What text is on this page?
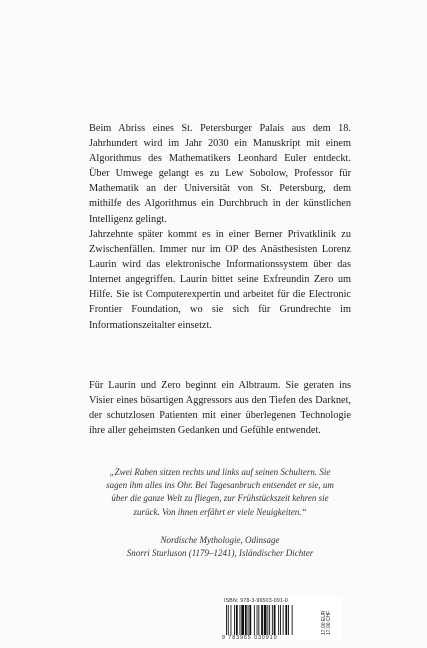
Beim Abriss eines St. Petersburger Palais aus dem 18. Jahrhundert wird im Jahr 2030 ein Manuskript mit einem Algorithmus des Mathematikers Leonhard Euler entdeckt. Über Umwege gelangt es zu Lew Sobolow, Professor für Mathematik an der Universität von St. Petersburg, dem mithilfe des Algorithmus ein Durchbruch in der künstlichen Intelligenz gelingt.

Jahrzehnte später kommt es in einer Berner Privatklinik zu Zwischenfällen. Immer nur im OP des Anästhesisten Lorenz Laurin wird das elektronische Informationssystem über das Internet angegriffen. Laurin bittet seine Exfreundin Zero um Hilfe. Sie ist Computerexpertin und arbeitet für die Electronic Frontier Foundation, wo sie sich für Grundrechte im Informationszeitalter einsetzt.

Für Laurin und Zero beginnt ein Albtraum. Sie geraten ins Visier eines bösartigen Aggressors aus den Tiefen des Darknet, der schutzlosen Patienten mit einer überlegenen Technologie ihre aller geheimsten Gedanken und Gefühle entwendet.

„Zwei Raben sitzen rechts und links auf seinen Schultern. Sie sagen ihm alles ins Ohr. Bei Tagesanbruch entsendet er sie, um über die ganze Welt zu fliegen, zur Frühstückszeit kehren sie zurück. Von ihnen erfährt er viele Neuigkeiten.“
Nordische Mythologie, Odinsage
Snorri Sturluson (1179–1241), Isländischer Dichter
ISBN: 978-3-96503-091-0
9 783965 030910
17.00 EUR 17.00 CHF
